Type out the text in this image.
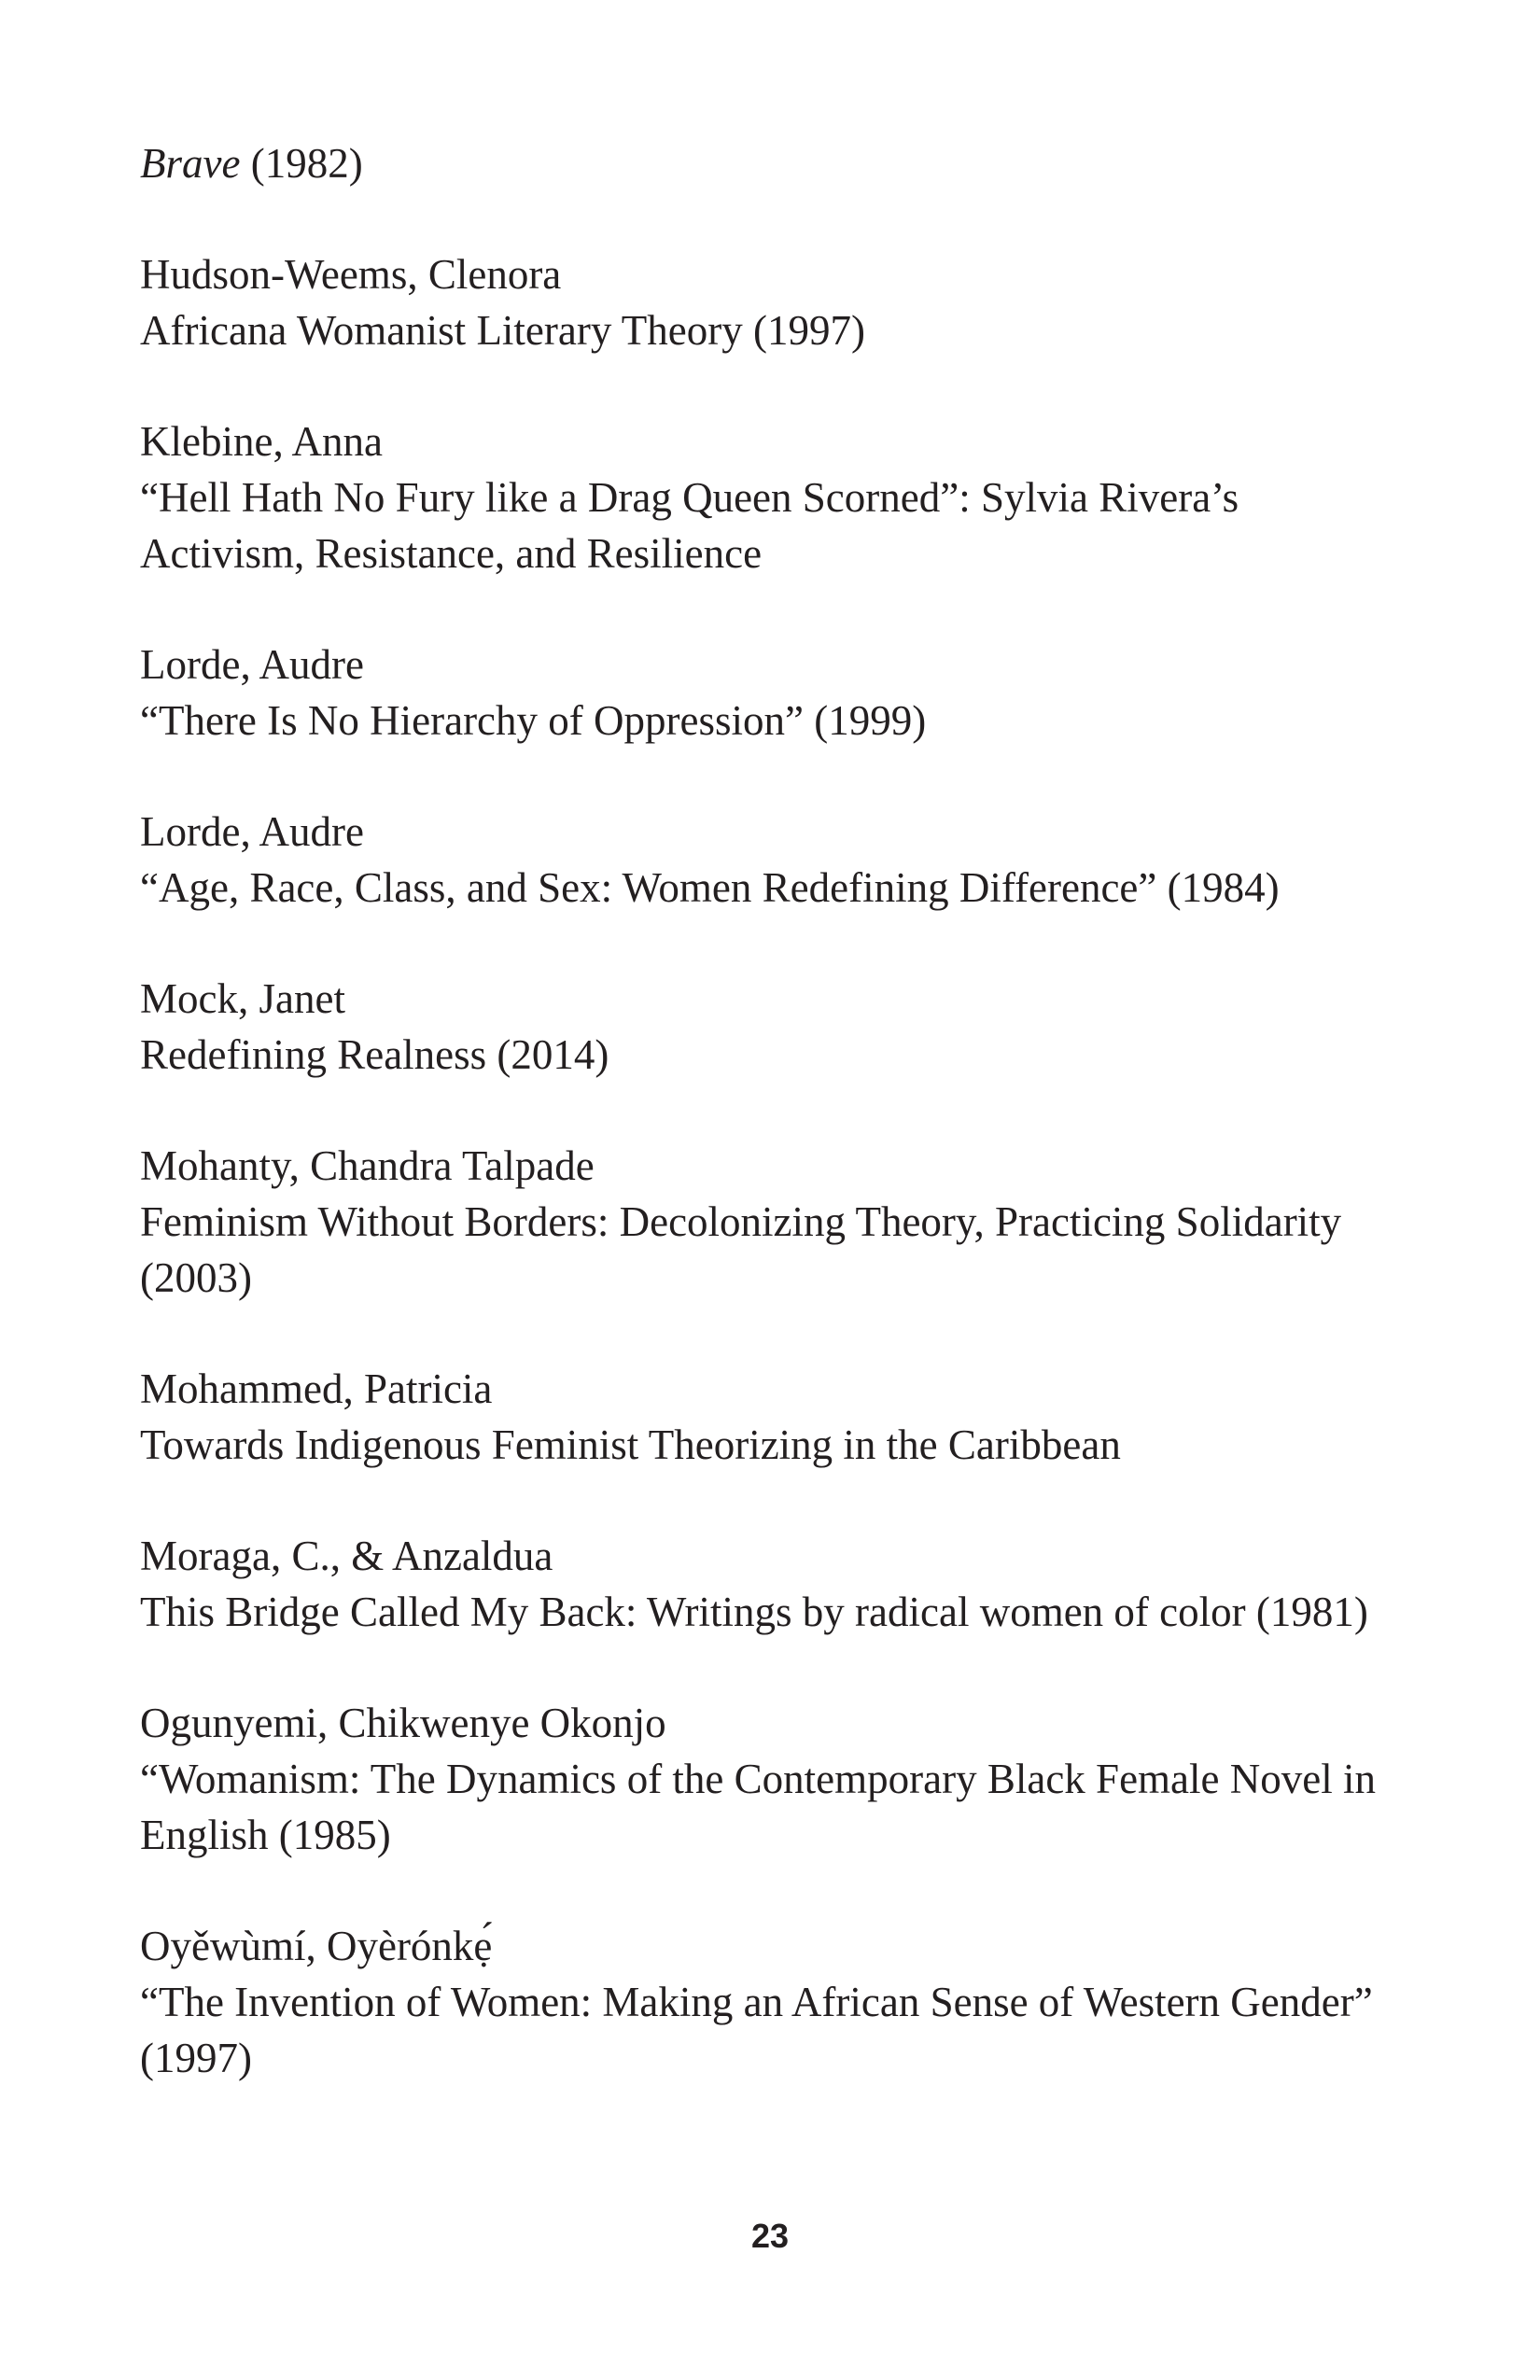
Brave (1982)
Hudson-Weems, Clenora
Africana Womanist Literary Theory (1997)
Klebine, Anna
“Hell Hath No Fury like a Drag Queen Scorned”: Sylvia Rivera’s Activism, Resistance, and Resilience
Lorde, Audre
“There Is No Hierarchy of Oppression” (1999)
Lorde, Audre
“Age, Race, Class, and Sex: Women Redefining Difference” (1984)
Mock, Janet
Redefining Realness (2014)
Mohanty, Chandra Talpade
Feminism Without Borders: Decolonizing Theory, Practicing Solidarity (2003)
Mohammed, Patricia
Towards Indigenous Feminist Theorizing in the Caribbean
Moraga, C., & Anzaldua
This Bridge Called My Back: Writings by radical women of color (1981)
Ogunyemi, Chikwenye Okonjo
“Womanism: The Dynamics of the Contemporary Black Female Novel in English (1985)
Oyěwùmí, Oyèrónkẹ́
“The Invention of Women: Making an African Sense of Western Gender” (1997)
23
